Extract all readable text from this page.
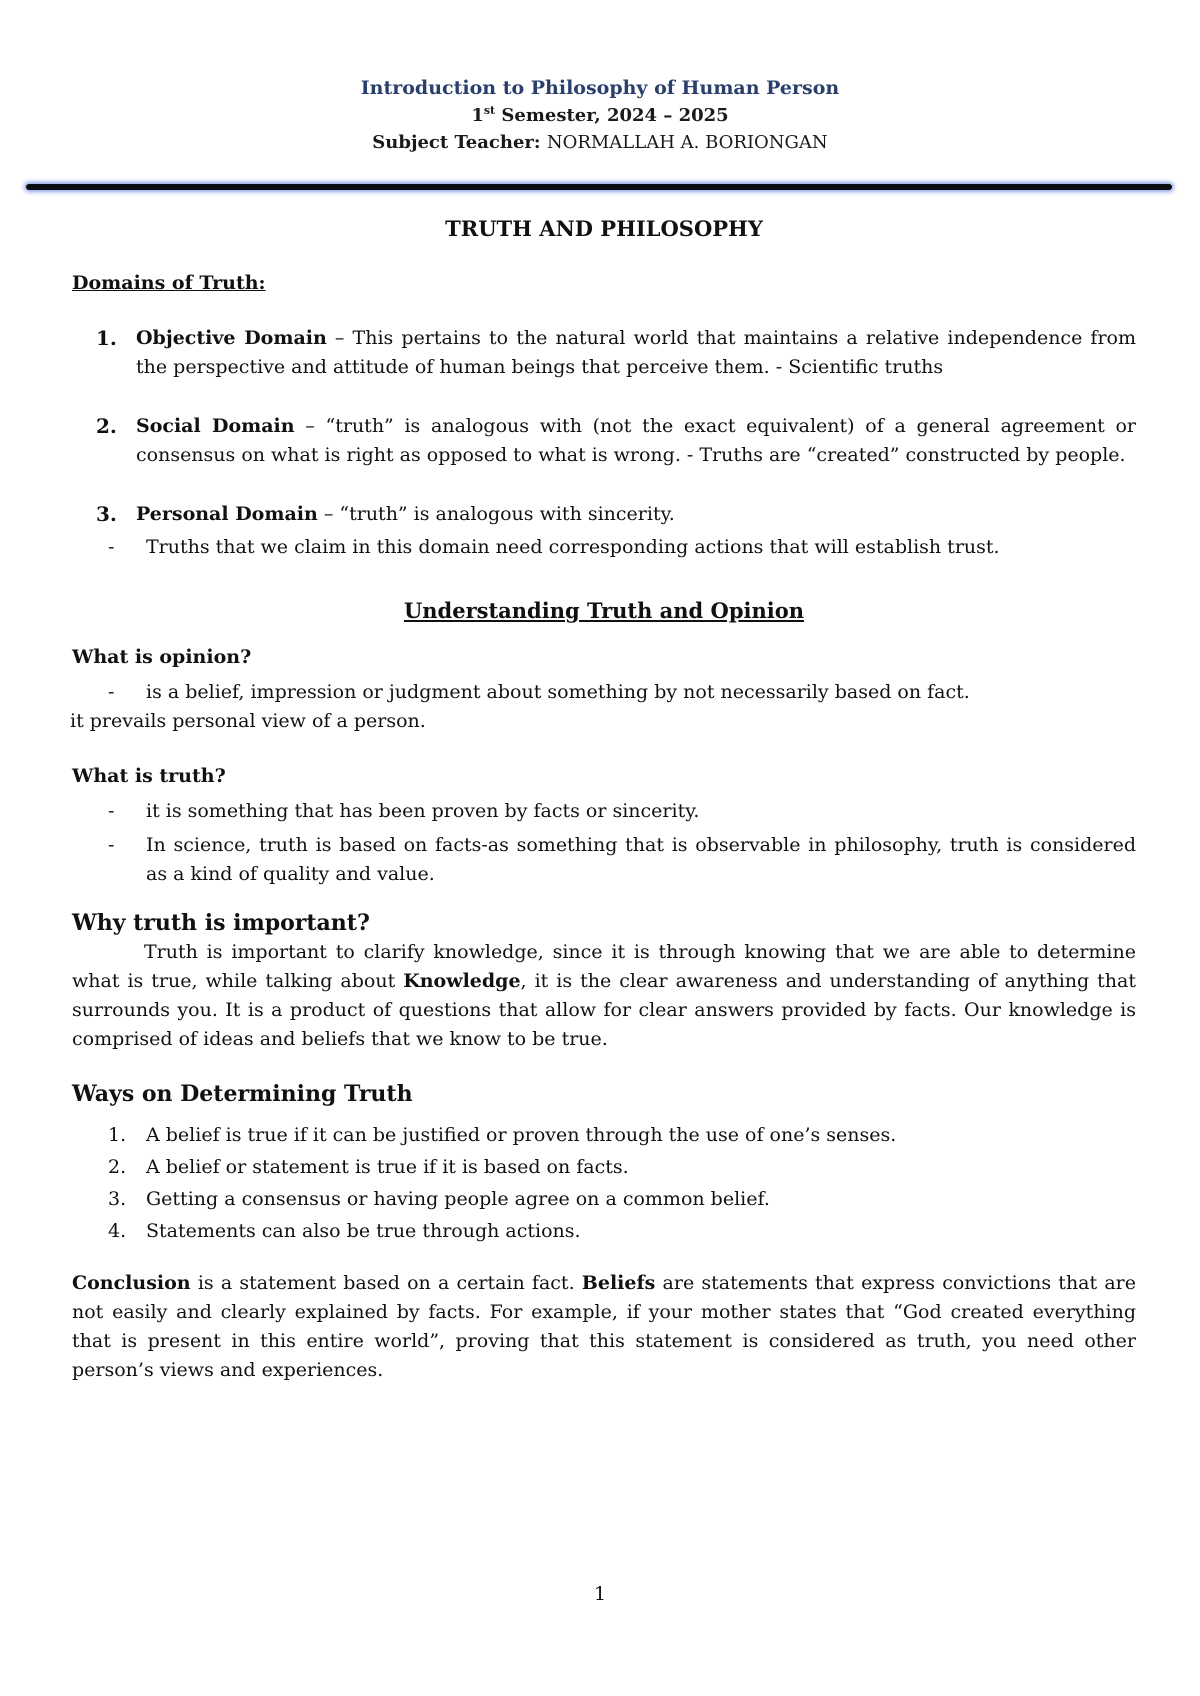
Introduction to Philosophy of Human Person
1st Semester, 2024 – 2025
Subject Teacher: NORMALLAH A. BORIONGAN
TRUTH AND PHILOSOPHY
Domains of Truth:
1. Objective Domain – This pertains to the natural world that maintains a relative independence from the perspective and attitude of human beings that perceive them. - Scientific truths
2. Social Domain – “truth” is analogous with (not the exact equivalent) of a general agreement or consensus on what is right as opposed to what is wrong. - Truths are “created” constructed by people.
3. Personal Domain – “truth” is analogous with sincerity.
- Truths that we claim in this domain need corresponding actions that will establish trust.
Understanding Truth and Opinion
What is opinion?
- is a belief, impression or judgment about something by not necessarily based on fact.

it prevails personal view of a person.

What is truth?
- it is something that has been proven by facts or sincerity.
- In science, truth is based on facts-as something that is observable in philosophy, truth is considered as a kind of quality and value.
Why truth is important?

Truth is important to clarify knowledge, since it is through knowing that we are able to determine what is true, while talking about Knowledge, it is the clear awareness and understanding of anything that surrounds you. It is a product of questions that allow for clear answers provided by facts. Our knowledge is comprised of ideas and beliefs that we know to be true.

Ways on Determining Truth
1. A belief is true if it can be justified or proven through the use of one’s senses.
2. A belief or statement is true if it is based on facts.
3. Getting a consensus or having people agree on a common belief.
4. Statements can also be true through actions.

Conclusion is a statement based on a certain fact. Beliefs are statements that express convictions that are not easily and clearly explained by facts. For example, if your mother states that “God created everything that is present in this entire world”, proving that this statement is considered as truth, you need other person’s views and experiences.

1
